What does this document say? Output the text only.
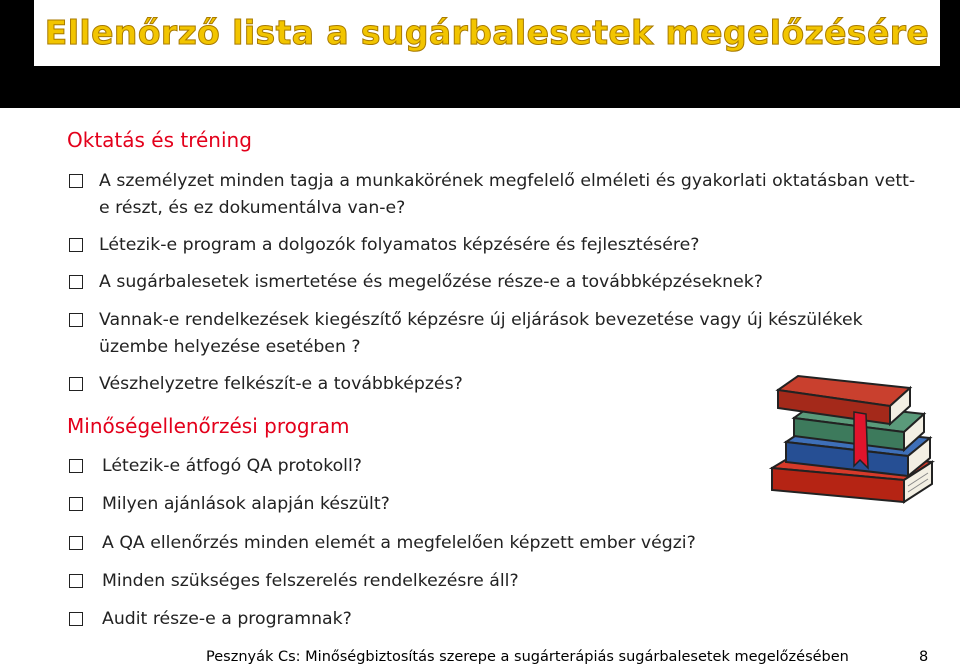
Ellenőrző lista a sugárbalesetek megelőzésére
Oktatás és tréning
A személyzet minden tagja a munkakörének megfelelő elméleti és gyakorlati oktatásban vett-e részt, és ez dokumentálva van-e?
Létezik-e program a dolgozók folyamatos képzésére és fejlesztésére?
A sugárbalesetek ismertetése és megelőzése része-e a továbbképzéseknek?
Vannak-e rendelkezések kiegészítő képzésre új eljárások bevezetése vagy új készülékek üzembe helyezése esetében ?
Vészhelyzetre felkészít-e a továbbképzés?
Minőségellenőrzési program
Létezik-e átfogó QA protokoll?
Milyen ajánlások alapján készült?
A QA ellenőrzés minden elemét a megfelelően képzett ember végzi?
Minden szükséges felszerelés rendelkezésre áll?
Audit része-e a programnak?
Pesznyák Cs: Minőségbiztosítás szerepe a sugárterápiás sugárbalesetek megelőzésében	8
